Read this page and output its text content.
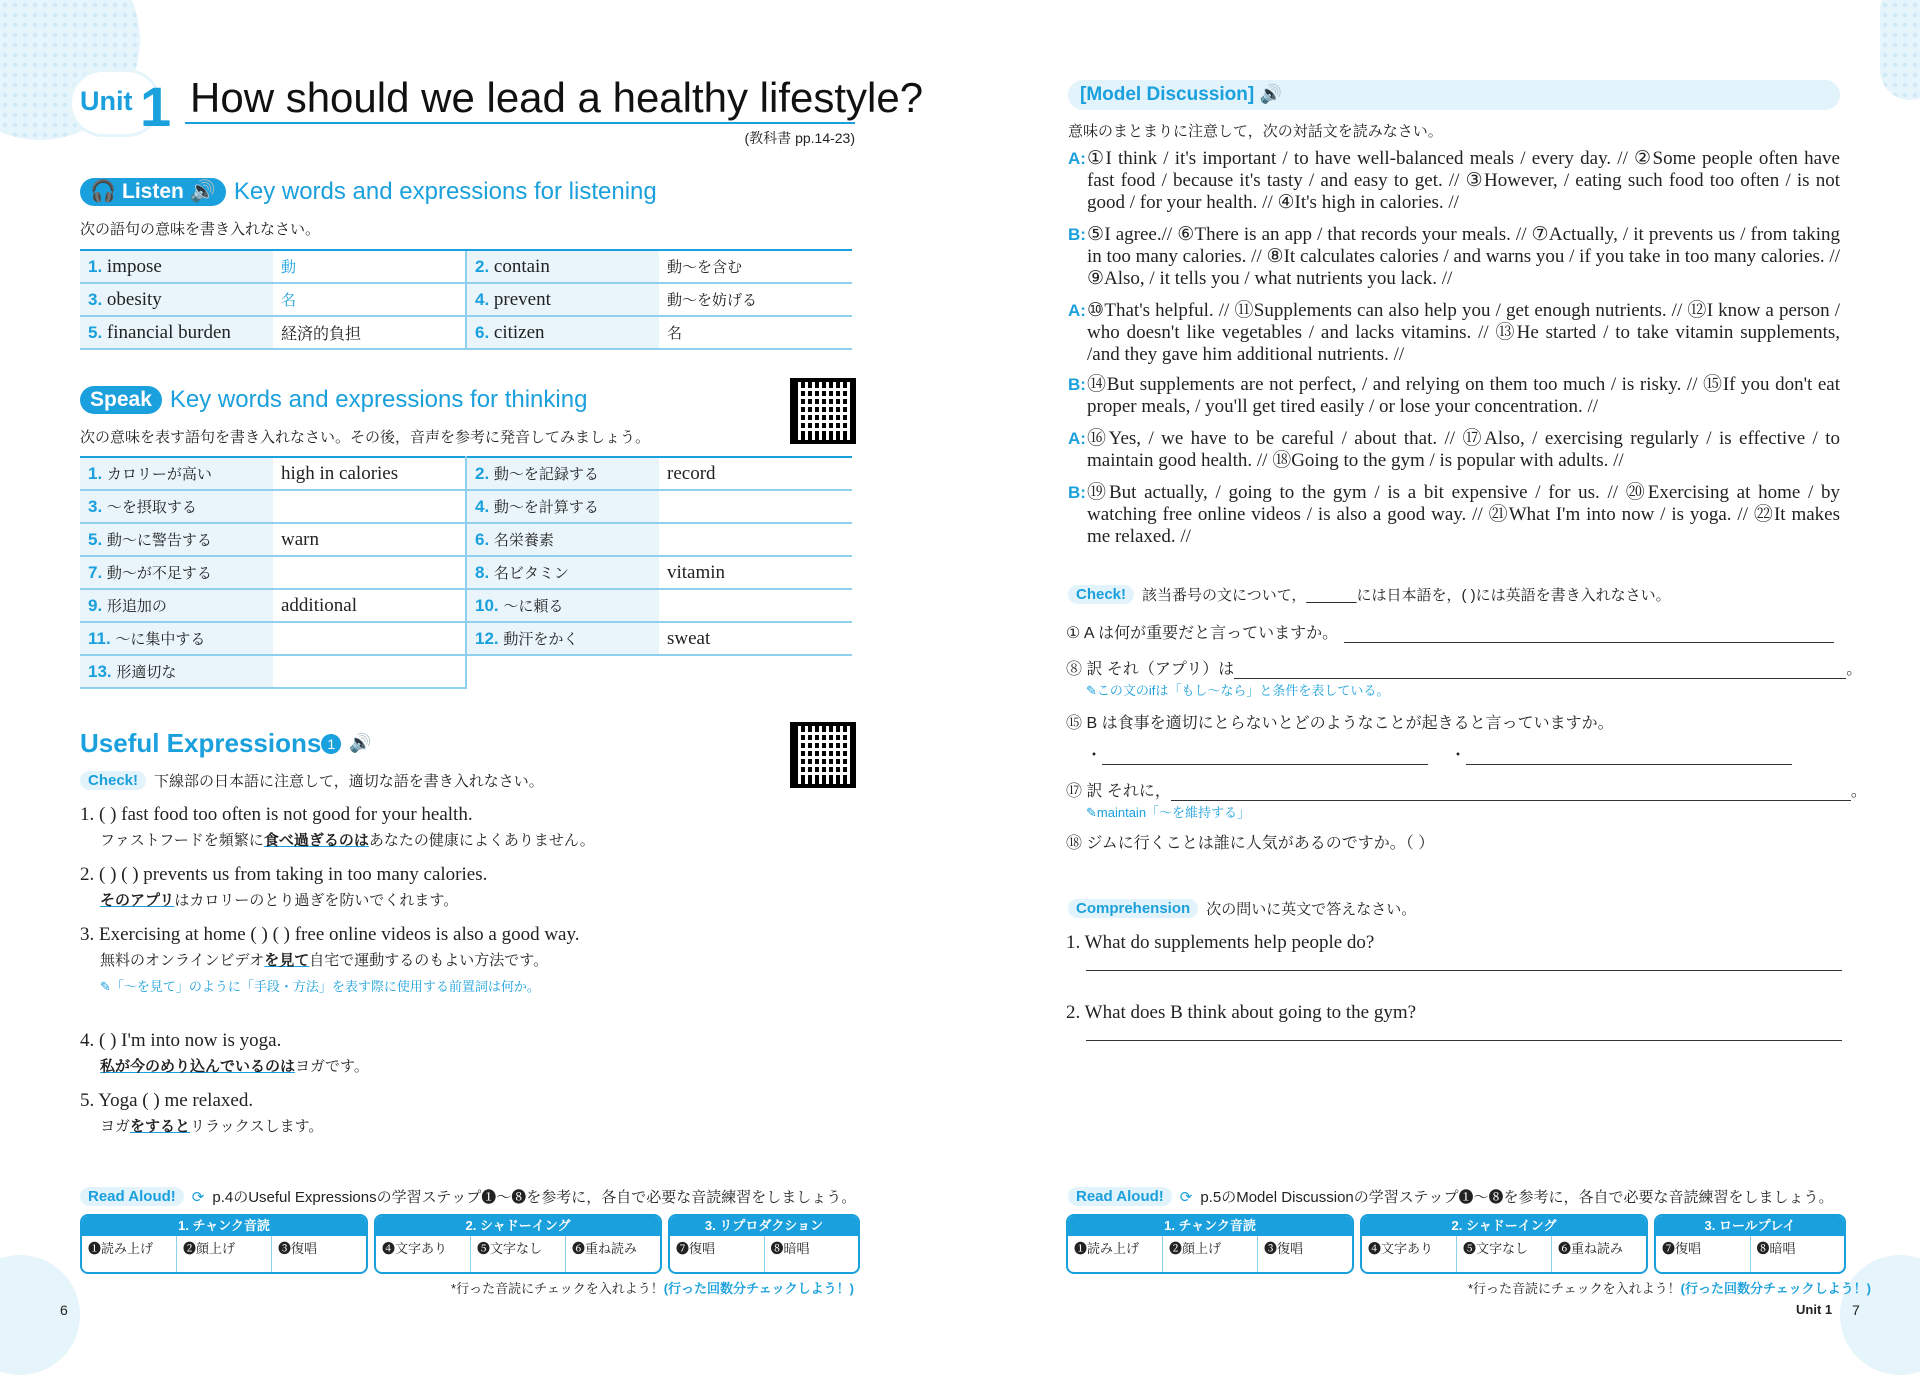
Unit 1 How should we lead a healthy lifestyle?
(教科書 pp.14-23)
🎧 Listen 🔊 Key words and expressions for listening
次の語句の意味を書き入れなさい。
1. impose	動	2. contain	動～を含む
3. obesity	名	4. prevent	動～を妨げる
5. financial burden	経済的負担	6. citizen	名
Speak Key words and expressions for thinking
次の意味を表す語句を書き入れなさい。その後，音声を参考に発音してみましょう。
1. カロリーが高い	high in calories	2. 動～を記録する	record
3. ～を摂取する		4. 動～を計算する	
5. 動～に警告する	warn	6. 名栄養素	
7. 動～が不足する		8. 名ビタミン	vitamin
9. 形追加の	additional	10. ～に頼る	
11. ～に集中する		12. 動汗をかく	sweat
13. 形適切な			
Useful Expressions 1 🔊
Check!	下線部の日本語に注意して，適切な語を書き入れなさい。
1. ( ) fast food too often is not good for your health.
ファストフードを頻繁に食べ過ぎるのはあなたの健康によくありません。
2. ( ) ( ) prevents us from taking in too many calories.
そのアプリはカロリーのとり過ぎを防いでくれます。
3. Exercising at home ( ) ( ) free online videos is also a good way.
無料のオンラインビデオを見て自宅で運動するのもよい方法です。
✎「～を見て」のように「手段・方法」を表す際に使用する前置詞は何か。
4. ( ) I'm into now is yoga.
私が今のめり込んでいるのはヨガです。
5. Yoga ( ) me relaxed.
ヨガをするとリラックスします。
Read Aloud!	⟳ p.4のUseful Expressionsの学習ステップ❶～❽を参考に，各自で必要な音読練習をしましょう。
1. チャンク音読
❶読み上げ	❷顔上げ	❸復唱
2. シャドーイング
❹文字あり	❺文字なし	❻重ね読み
3. リプロダクション
❼復唱	❽暗唱
*行った音読にチェックを入れよう！(行った回数分チェックしよう！)
6
[Model Discussion] 🔊
意味のまとまりに注意して，次の対話文を読みなさい。
A: ①I think / it's important / to have well-balanced meals / every day. // ②Some people often have fast food / because it's tasty / and easy to get. // ③However, / eating such food too often / is not good / for your health. // ④It's high in calories. //
B: ⑤I agree.// ⑥There is an app / that records your meals. // ⑦Actually, / it prevents us / from taking in too many calories. // ⑧It calculates calories / and warns you / if you take in too many calories. // ⑨Also, / it tells you / what nutrients you lack. //
A: ⑩That's helpful. // ⑪Supplements can also help you / get enough nutrients. // ⑫I know a person / who doesn't like vegetables / and lacks vitamins. // ⑬He started / to take vitamin supplements, /and they gave him additional nutrients. //
B: ⑭But supplements are not perfect, / and relying on them too much / is risky. // ⑮If you don't eat proper meals, / you'll get tired easily / or lose your concentration. //
A: ⑯Yes, / we have to be careful / about that. // ⑰Also, / exercising regularly / is effective / to maintain good health. // ⑱Going to the gym / is popular with adults. //
B: ⑲But actually, / going to the gym / is a bit expensive / for us. // ⑳Exercising at home / by watching free online videos / is also a good way. // ㉑What I'm into now / is yoga. // ㉒It makes me relaxed. //
Check!	該当番号の文について，______には日本語を，( )には英語を書き入れなさい。
① A は何が重要だと言っていますか。
⑧ 訳 それ（アプリ）は	。
✎ この文のifは「もし～なら」と条件を表している。
⑮ B は食事を適切にとらないとどのようなことが起きると言っていますか。
・	・
⑰ 訳 それに，	。
✎ maintain「～を維持する」
⑱ ジムに行くことは誰に人気があるのですか。（ ）
Comprehension	次の問いに英文で答えなさい。
1. What do supplements help people do?
2. What does B think about going to the gym?
Read Aloud!	⟳ p.5のModel Discussionの学習ステップ❶～❽を参考に，各自で必要な音読練習をしましょう。
1. チャンク音読
❶読み上げ	❷顔上げ	❸復唱
2. シャドーイング
❹文字あり	❺文字なし	❻重ね読み
3. ロールプレイ
❼復唱	❽暗唱
*行った音読にチェックを入れよう！(行った回数分チェックしよう！)
Unit 1 7
